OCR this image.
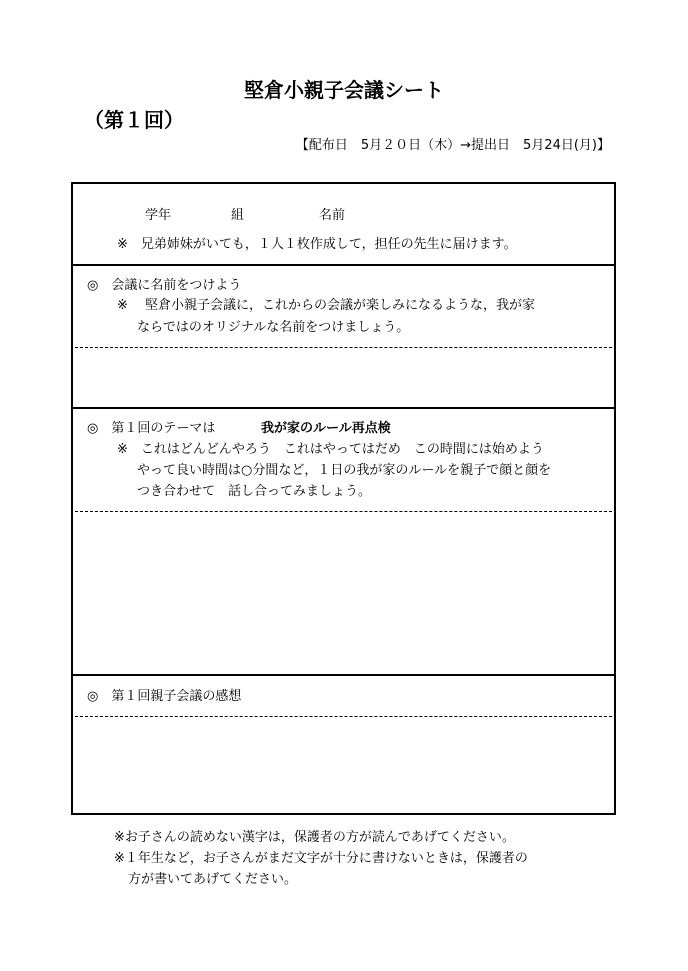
堅倉小親子会議シート
（第１回）
【配布日　5月２０日（木）→提出日　5月24日(月)】
学年	組	名前
※　兄弟姉妹がいても，１人１枚作成して，担任の先生に届けます。
◎　会議に名前をつけよう
※　 堅倉小親子会議に，これからの会議が楽しみになるような，我が家
ならではのオリジナルな名前をつけましょう。
◎　第１回のテーマは	我が家のルール再点検
※　これはどんどんやろう　これはやってはだめ　この時間には始めよう
やって良い時間は○分間など，１日の我が家のルールを親子で顔と顔を
つき合わせて　話し合ってみましょう。
◎　第１回親子会議の感想
※お子さんの読めない漢字は，保護者の方が読んであげてください。
※１年生など，お子さんがまだ文字が十分に書けないときは，保護者の
方が書いてあげてください。
